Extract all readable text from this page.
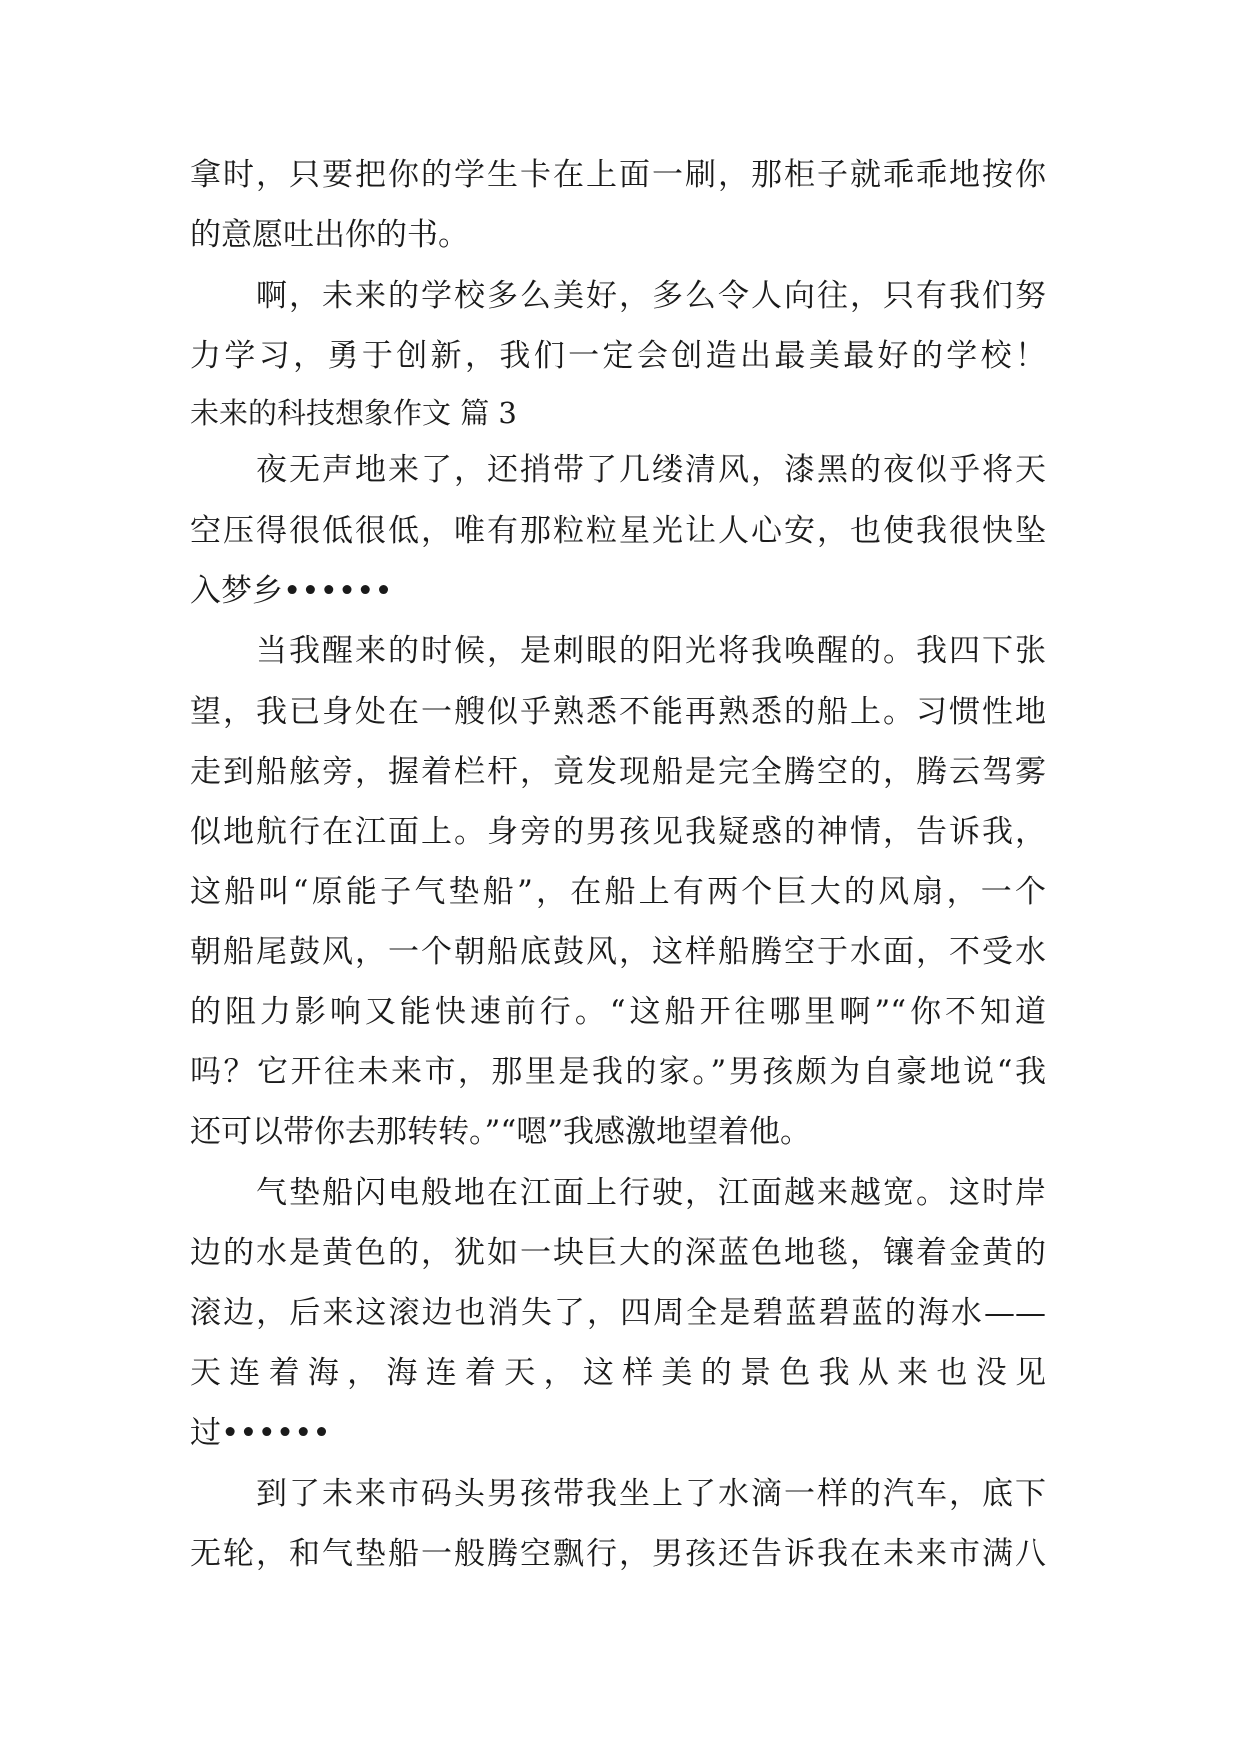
拿时，只要把你的学生卡在上面一刷，那柜子就乖乖地按你
的意愿吐出你的书。
啊，未来的学校多么美好，多么令人向往，只有我们努
力学习，勇于创新，我们一定会创造出最美最好的学校！
未来的科技想象作文 篇 3
夜无声地来了，还捎带了几缕清风，漆黑的夜似乎将天
空压得很低很低，唯有那粒粒星光让人心安，也使我很快坠
入梦乡••••••
当我醒来的时候，是刺眼的阳光将我唤醒的。我四下张
望，我已身处在一艘似乎熟悉不能再熟悉的船上。习惯性地
走到船舷旁，握着栏杆，竟发现船是完全腾空的，腾云驾雾
似地航行在江面上。身旁的男孩见我疑惑的神情，告诉我，
这船叫“原能子气垫船”，在船上有两个巨大的风扇，一个
朝船尾鼓风，一个朝船底鼓风，这样船腾空于水面，不受水
的阻力影响又能快速前行。“这船开往哪里啊”“你不知道
吗？它开往未来市，那里是我的家。”男孩颇为自豪地说“我
还可以带你去那转转。”“嗯”我感激地望着他。
气垫船闪电般地在江面上行驶，江面越来越宽。这时岸
边的水是黄色的，犹如一块巨大的深蓝色地毯，镶着金黄的
滚边，后来这滚边也消失了，四周全是碧蓝碧蓝的海水——
天连着海，海连着天，这样美的景色我从来也没见
过••••••
到了未来市码头男孩带我坐上了水滴一样的汽车，底下
无轮，和气垫船一般腾空飘行，男孩还告诉我在未来市满八
